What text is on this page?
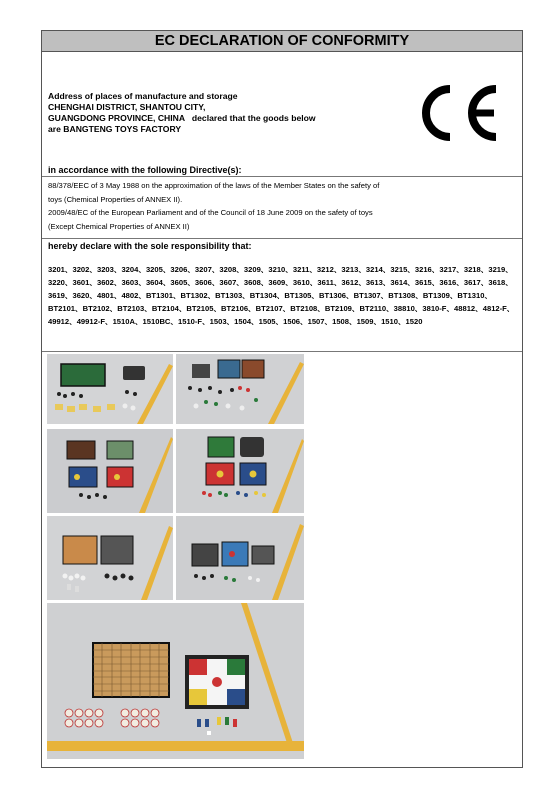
EC DECLARATION OF CONFORMITY
Address of places of manufacture and storage
CHENGHAI DISTRICT, SHANTOU CITY,
GUANGDONG PROVINCE, CHINA declared that the goods below
are BANGTENG TOYS FACTORY
in accordance with the following Directive(s):
88/378/EEC of 3 May 1988 on the approximation of the laws of the Member States on the safety of
toys (Chemical Properties of ANNEX II).
2009/48/EC of the European Parliament and of the Council of 18 June 2009 on the safety of toys
(Except Chemical Properties of ANNEX II)
hereby declare with the sole responsibility that:
3201、3202、3203、3204、3205、3206、3207、3208、3209、3210、3211、3212、3213、3214、3215、3216、3217、3218、3219、3220、3601、3602、3603、3604、3605、3606、3607、3608、3609、3610、3611、3612、3613、3614、3615、3616、3617、3618、3619、3620、4801、4802、BT1301、BT1302、BT1303、BT1304、BT1305、BT1306、BT1307、BT1308、BT1309、BT1310、BT2101、BT2102、BT2103、BT2104、BT2105、BT2106、BT2107、BT2108、BT2109、BT2110、38810、3810-F、48812、4812-F、49912、49912-F、1510A、1510BC、1510-F、1503、1504、1505、1506、1507、1508、1509、1510、1520
